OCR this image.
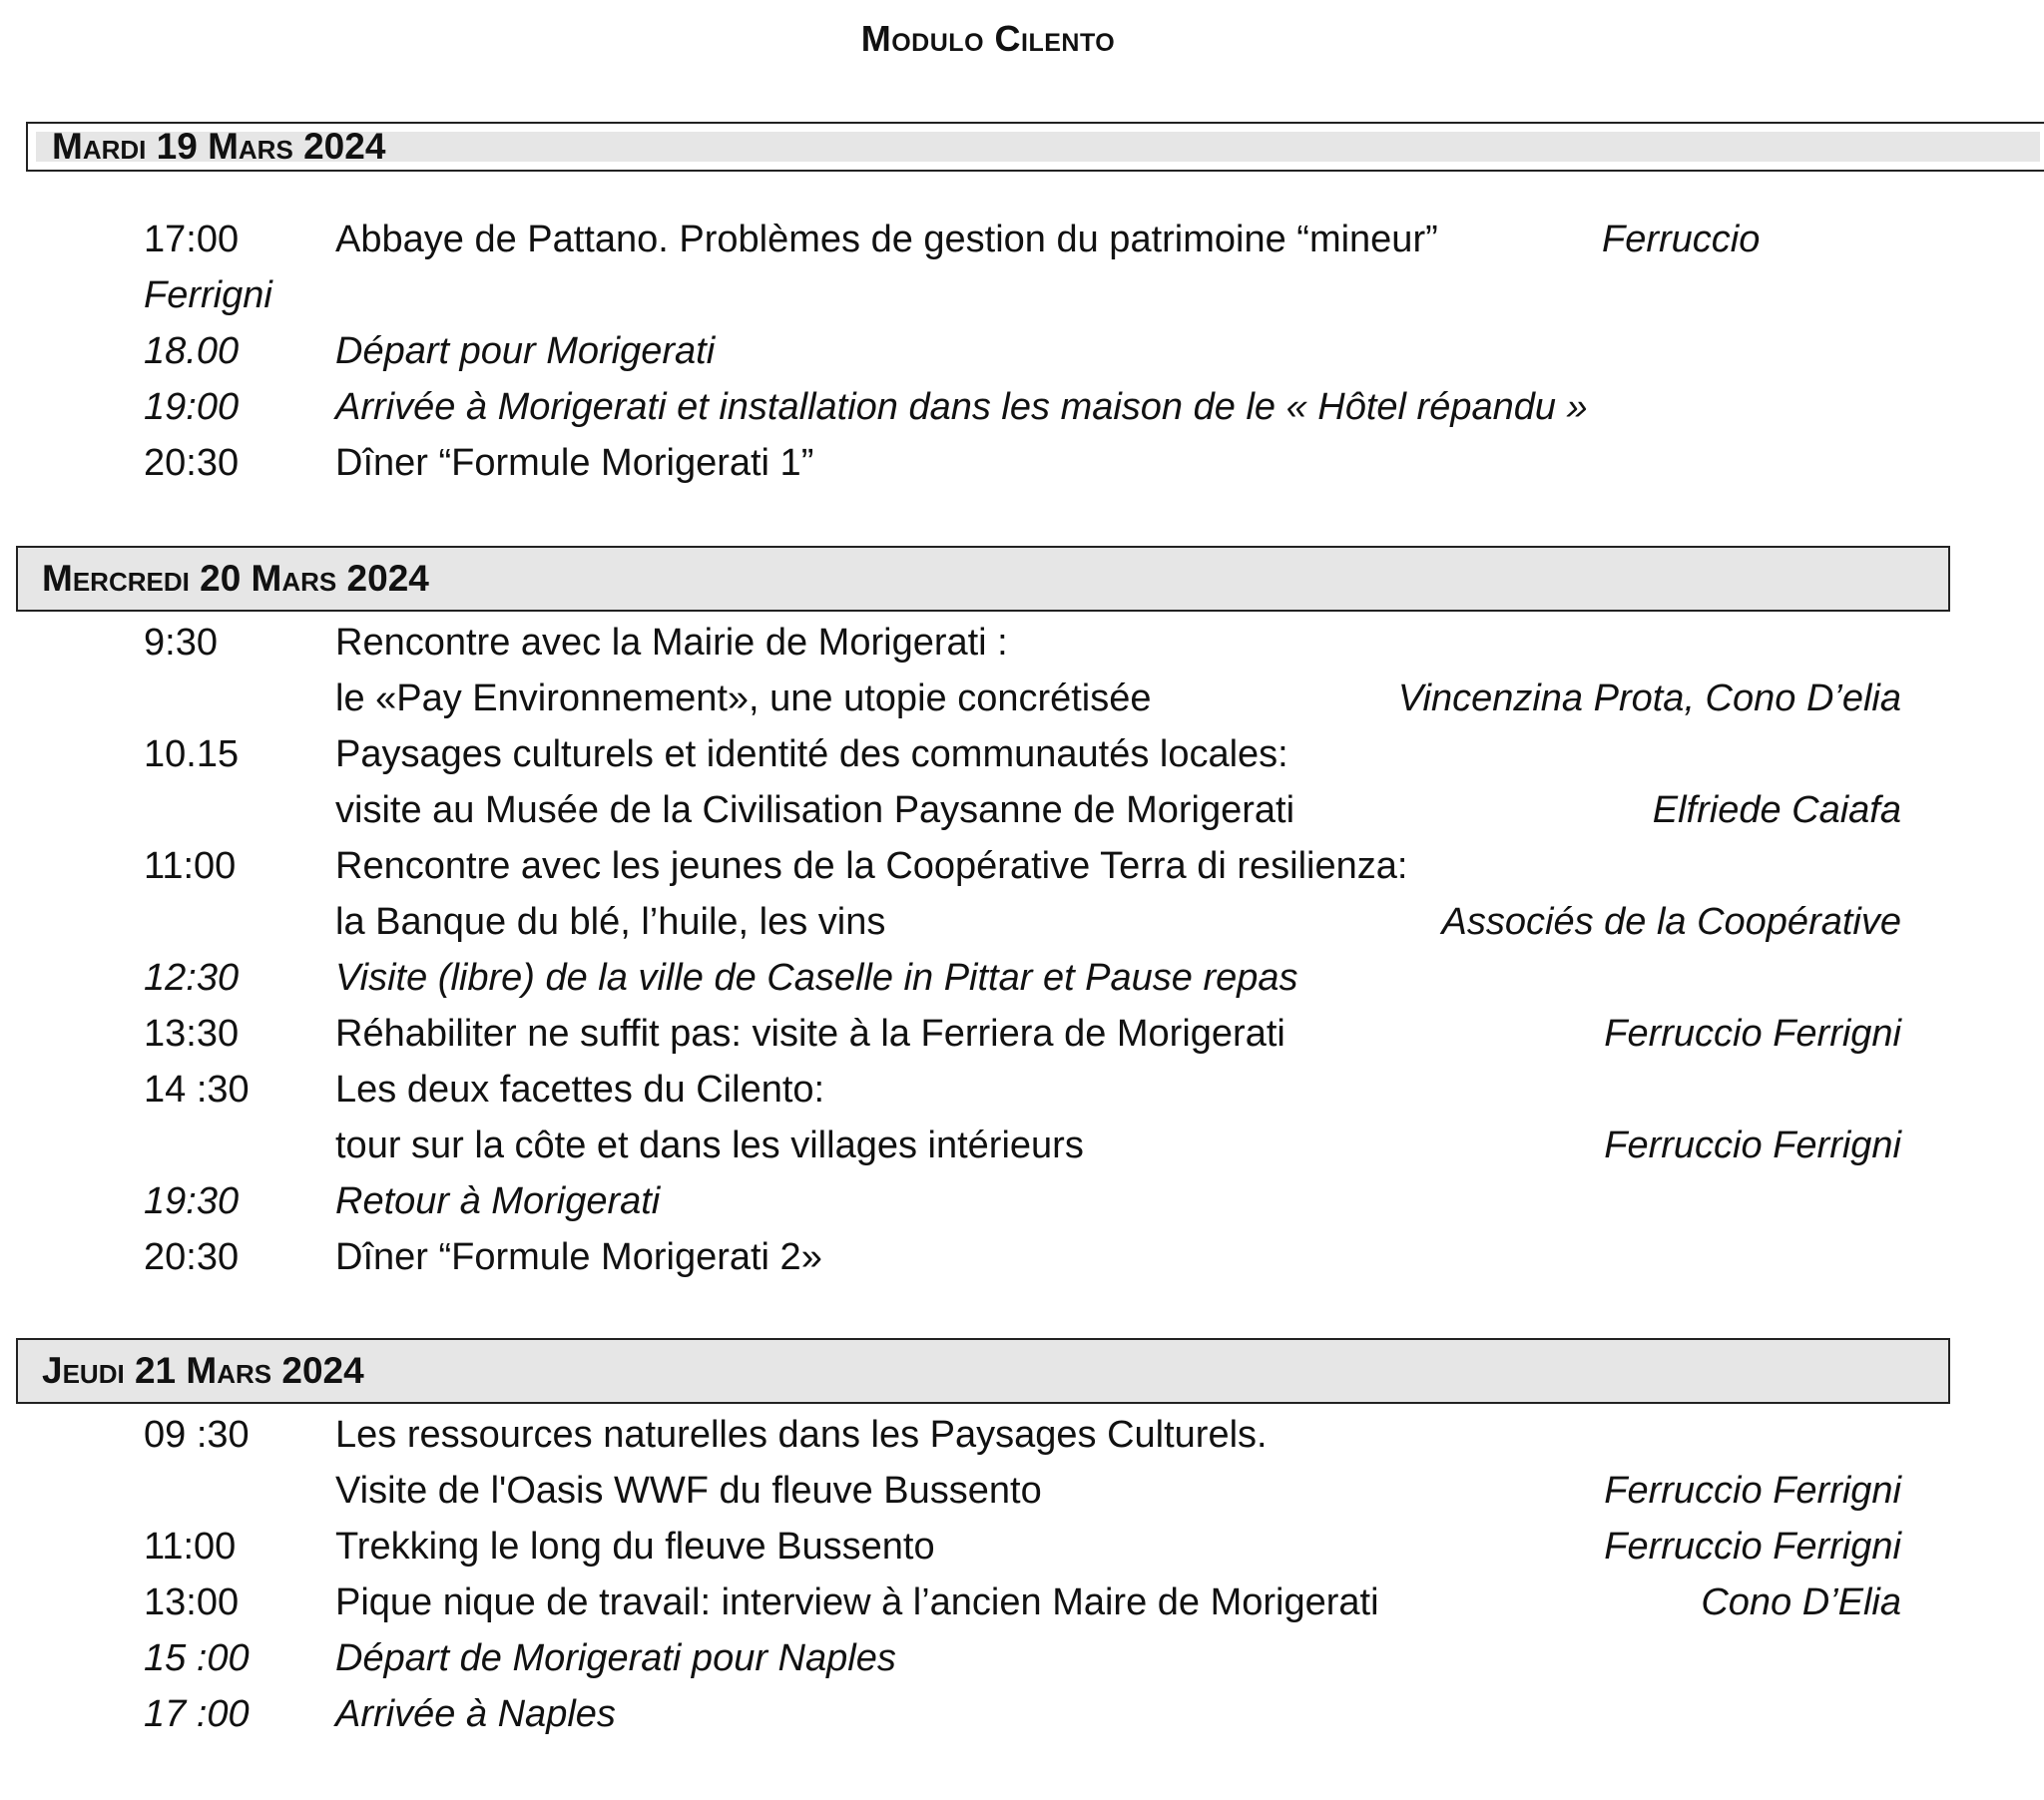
Modulo Cilento
Mardi 19 Mars 2024
17:00	Abbaye de Pattano. Problèmes de gestion du patrimoine “mineur”	Ferruccio
Ferrigni
18.00	Départ pour Morigerati
19:00	Arrivée à Morigerati et installation dans les maison de le « Hôtel répandu »
20:30	Dîner “Formule Morigerati 1”
Mercredi 20 Mars 2024
9:30	Rencontre avec la Mairie de Morigerati :
le «Pay Environnement», une utopie concrétisée	Vincenzina Prota, Cono D’elia
10.15	Paysages culturels et identité des communautés locales:
visite au Musée de la Civilisation Paysanne de Morigerati	Elfriede Caiafa
11:00	Rencontre avec les jeunes de la Coopérative Terra di resilienza:
la Banque du blé, l’huile, les vins	Associés de la Coopérative
12:30	Visite (libre) de la ville de Caselle in Pittar et Pause repas
13:30	Réhabiliter ne suffit pas: visite à la Ferriera de Morigerati	Ferruccio Ferrigni
14 :30 Les deux facettes du Cilento:
tour sur la côte et dans les villages intérieurs	Ferruccio Ferrigni
19:30	Retour à Morigerati
20:30	Dîner “Formule Morigerati 2»
Jeudi 21 Mars 2024
09 :30 Les ressources naturelles dans les Paysages Culturels.
Visite de l'Oasis WWF du fleuve Bussento	Ferruccio Ferrigni
11:00	Trekking le long du fleuve Bussento	Ferruccio Ferrigni
13:00	Pique nique de travail: interview à l’ancien Maire de Morigerati	Cono D’Elia
15 :00 Départ de Morigerati pour Naples
17 :00 Arrivée à Naples
